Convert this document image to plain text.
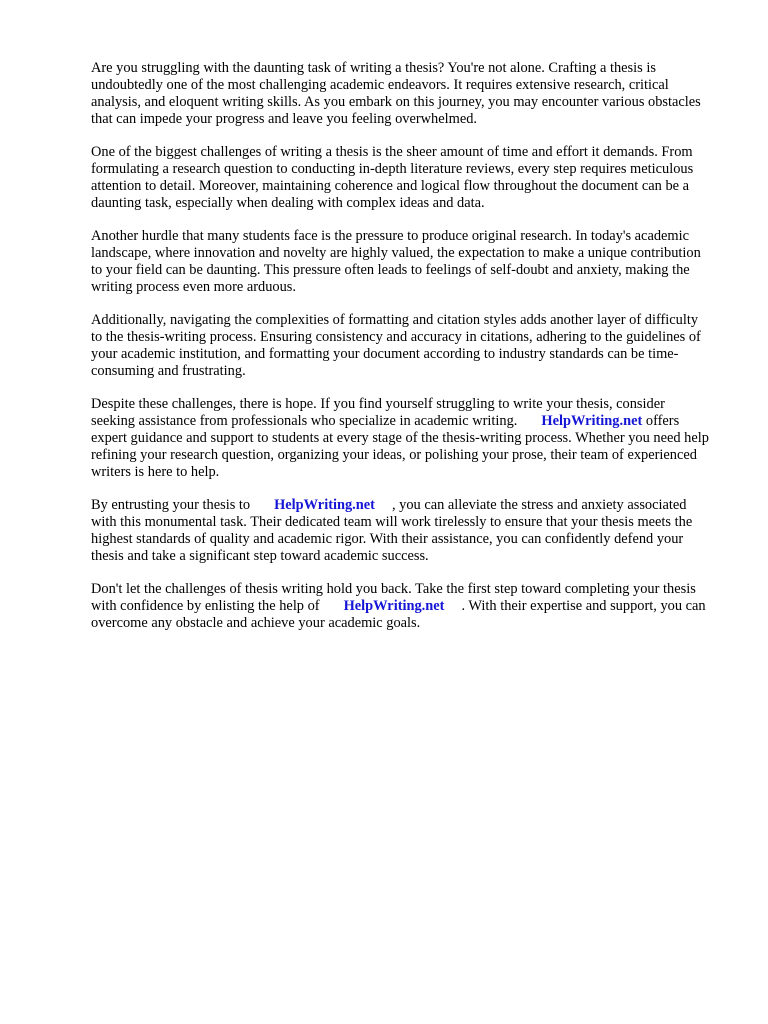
Are you struggling with the daunting task of writing a thesis? You're not alone. Crafting a thesis is undoubtedly one of the most challenging academic endeavors. It requires extensive research, critical analysis, and eloquent writing skills. As you embark on this journey, you may encounter various obstacles that can impede your progress and leave you feeling overwhelmed.

One of the biggest challenges of writing a thesis is the sheer amount of time and effort it demands. From formulating a research question to conducting in-depth literature reviews, every step requires meticulous attention to detail. Moreover, maintaining coherence and logical flow throughout the document can be a daunting task, especially when dealing with complex ideas and data.

Another hurdle that many students face is the pressure to produce original research. In today's academic landscape, where innovation and novelty are highly valued, the expectation to make a unique contribution to your field can be daunting. This pressure often leads to feelings of self-doubt and anxiety, making the writing process even more arduous.

Additionally, navigating the complexities of formatting and citation styles adds another layer of difficulty to the thesis-writing process. Ensuring consistency and accuracy in citations, adhering to the guidelines of your academic institution, and formatting your document according to industry standards can be time-consuming and frustrating.

Despite these challenges, there is hope. If you find yourself struggling to write your thesis, consider seeking assistance from professionals who specialize in academic writing. HelpWriting.net offers expert guidance and support to students at every stage of the thesis-writing process. Whether you need help refining your research question, organizing your ideas, or polishing your prose, their team of experienced writers is here to help.

By entrusting your thesis to HelpWriting.net , you can alleviate the stress and anxiety associated with this monumental task. Their dedicated team will work tirelessly to ensure that your thesis meets the highest standards of quality and academic rigor. With their assistance, you can confidently defend your thesis and take a significant step toward academic success.

Don't let the challenges of thesis writing hold you back. Take the first step toward completing your thesis with confidence by enlisting the help of HelpWriting.net . With their expertise and support, you can overcome any obstacle and achieve your academic goals.
